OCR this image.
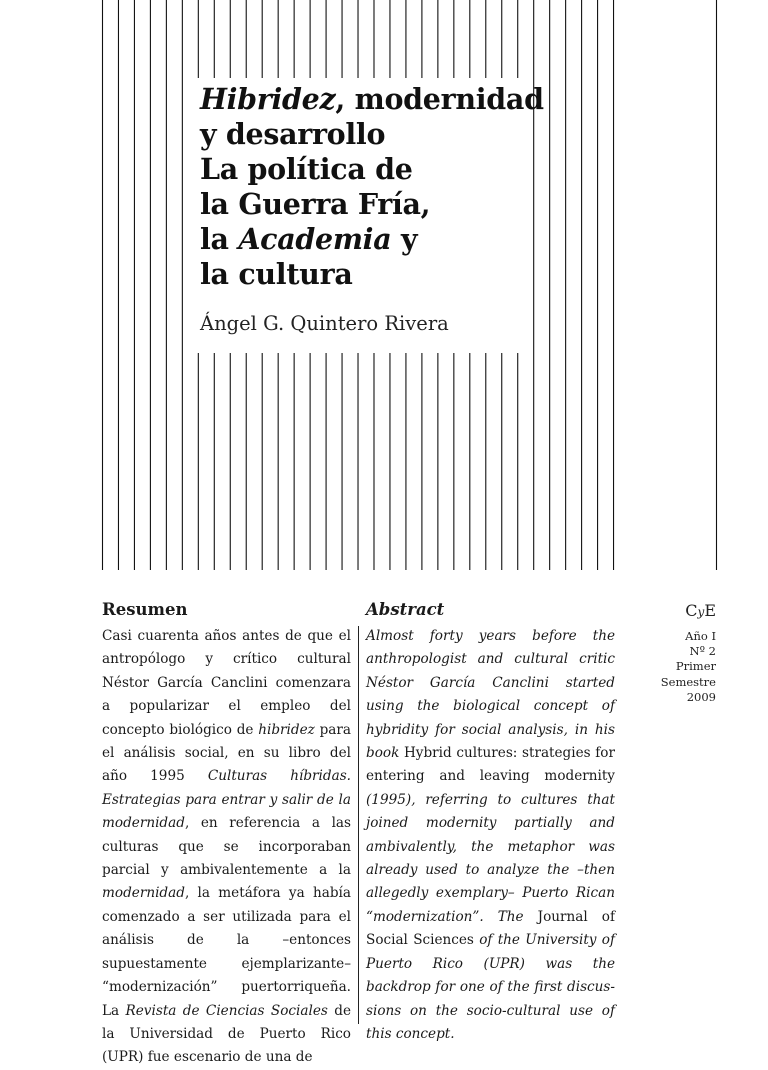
Hibridez, modernidad
y desarrollo
La política de
la Guerra Fría,
la Academia y
la cultura
Ángel G. Quintero Rivera
Resumen

Casi cuarenta años antes de que el antropólogo y crítico cultural Néstor García Canclini comenzara a popularizar el empleo del concepto biológico de hibridez para el análisis social, en su libro del año 1995 Culturas híbridas. Estrategias para entrar y salir de la modernidad, en referencia a las culturas que se incorporaban parcial y ambivalentemente a la modernidad, la metáfora ya había comenzado a ser utilizada para el análisis de la –entonces supuestamente ejemplarizante– “modernización” puertorriqueña. La Revista de Ciencias Sociales de la Universidad de Puerto Rico (UPR) fue escenario de una de

Abstract

Almost forty years before the anthropologist and cultural critic Néstor García Canclini started using the biological concept of hybridity for social analysis, in his book Hybrid cultures: strategies for entering and leaving modernity (1995), referring to cultures that joined modernity partially and ambivalently, the metaphor was already used to analyze the –then allegedly exemplary– Puerto Rican “modernization”. The Journal of Social Sciences of the University of Puerto Rico (UPR) was the backdrop for one of the first discussions on the socio-cultural use of this concept.

CyE
Año I
Nº 2
Primer
Semestre
2009
